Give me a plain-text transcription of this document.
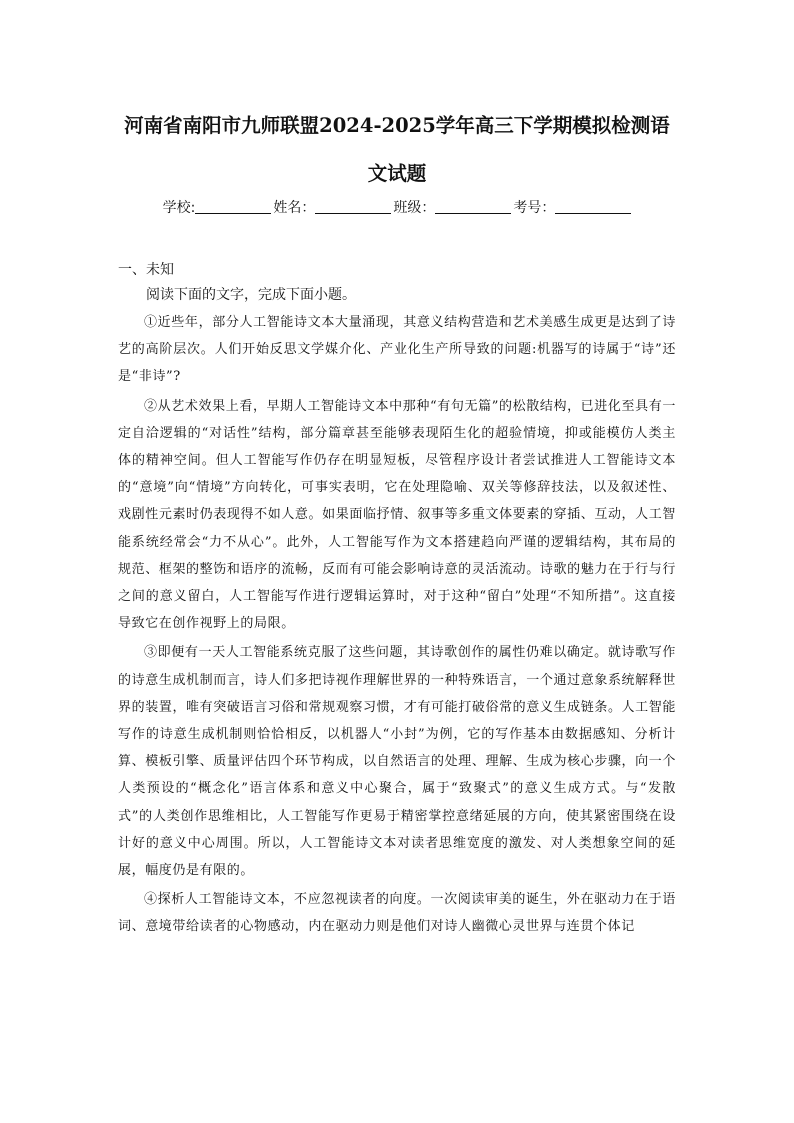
河南省南阳市九师联盟2024-2025学年高三下学期模拟检测语
文试题
学校:	姓名：	班级：	考号：
一、未知

阅读下面的文字，完成下面小题。

①近些年，部分人工智能诗文本大量涌现，其意义结构营造和艺术美感生成更是达到了诗艺的高阶层次。人们开始反思文学媒介化、产业化生产所导致的问题:机器写的诗属于“诗”还是“非诗”?

②从艺术效果上看，早期人工智能诗文本中那种“有句无篇”的松散结构，已进化至具有一定自洽逻辑的“对话性”结构，部分篇章甚至能够表现陌生化的超验情境，抑或能模仿人类主体的精神空间。但人工智能写作仍存在明显短板，尽管程序设计者尝试推进人工智能诗文本的“意境”向“情境”方向转化，可事实表明，它在处理隐喻、双关等修辞技法，以及叙述性、戏剧性元素时仍表现得不如人意。如果面临抒情、叙事等多重文体要素的穿插、互动，人工智能系统经常会“力不从心”。此外，人工智能写作为文本搭建趋向严谨的逻辑结构，其布局的规范、框架的整饬和语序的流畅，反而有可能会影响诗意的灵活流动。诗歌的魅力在于行与行之间的意义留白，人工智能写作进行逻辑运算时，对于这种“留白”处理“不知所措”。这直接导致它在创作视野上的局限。

③即便有一天人工智能系统克服了这些问题，其诗歌创作的属性仍难以确定。就诗歌写作的诗意生成机制而言，诗人们多把诗视作理解世界的一种特殊语言，一个通过意象系统解释世界的装置，唯有突破语言习俗和常规观察习惯，才有可能打破俗常的意义生成链条。人工智能写作的诗意生成机制则恰恰相反，以机器人“小封”为例，它的写作基本由数据感知、分析计算、模板引擎、质量评估四个环节构成，以自然语言的处理、理解、生成为核心步骤，向一个人类预设的“概念化”语言体系和意义中心聚合，属于“致聚式”的意义生成方式。与“发散式”的人类创作思维相比，人工智能写作更易于精密掌控意绪延展的方向，使其紧密围绕在设计好的意义中心周围。所以，人工智能诗文本对读者思维宽度的激发、对人类想象空间的延展，幅度仍是有限的。

④探析人工智能诗文本，不应忽视读者的向度。一次阅读审美的诞生，外在驱动力在于语词、意境带给读者的心物感动，内在驱动力则是他们对诗人幽微心灵世界与连贯个体记
